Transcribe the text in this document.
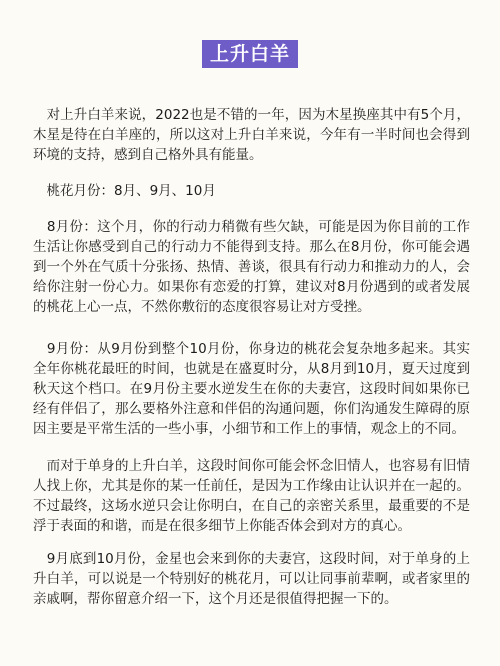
上升白羊

　对上升白羊来说，2022也是不错的一年，因为木星换座其中有5个月，木星是待在白羊座的，所以这对上升白羊来说，今年有一半时间也会得到环境的支持，感到自己格外具有能量。

　桃花月份：8月、9月、10月

　8月份：这个月，你的行动力稍微有些欠缺，可能是因为你目前的工作生活让你感受到自己的行动力不能得到支持。那么在8月份，你可能会遇到一个外在气质十分张扬、热情、善谈，很具有行动力和推动力的人，会给你注射一份心力。如果你有恋爱的打算，建议对8月份遇到的或者发展的桃花上心一点，不然你敷衍的态度很容易让对方受挫。

　9月份：从9月份到整个10月份，你身边的桃花会复杂地多起来。其实全年你桃花最旺的时间，也就是在盛夏时分，从8月到10月，夏天过度到秋天这个档口。在9月份主要水逆发生在你的夫妻宫，这段时间如果你已经有伴侣了，那么要格外注意和伴侣的沟通问题，你们沟通发生障碍的原因主要是平常生活的一些小事，小细节和工作上的事情，观念上的不同。

　而对于单身的上升白羊，这段时间你可能会怀念旧情人，也容易有旧情人找上你，尤其是你的某一任前任，是因为工作缘由让认识并在一起的。不过最终，这场水逆只会让你明白，在自己的亲密关系里，最重要的不是浮于表面的和谐，而是在很多细节上你能否体会到对方的真心。

　9月底到10月份，金星也会来到你的夫妻宫，这段时间，对于单身的上升白羊，可以说是一个特别好的桃花月，可以让同事前辈啊，或者家里的亲戚啊，帮你留意介绍一下，这个月还是很值得把握一下的。
